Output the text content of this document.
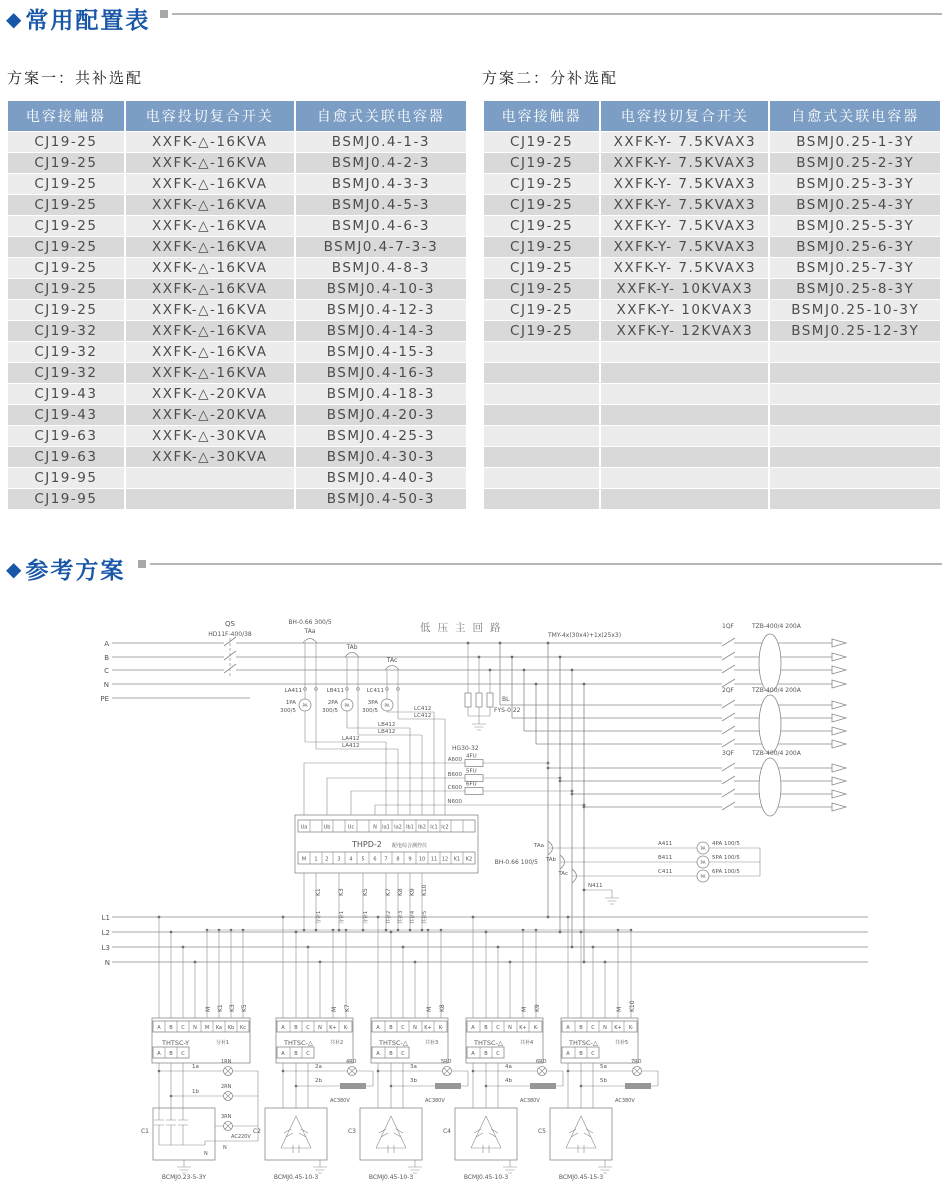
◆ 常用配置表
方案一：共补选配	方案二：分补选配
电容接触器	电容投切复合开关	自愈式关联电容器
CJ19-25	XXFK-△-16KVA	BSMJ0.4-1-3
CJ19-25	XXFK-△-16KVA	BSMJ0.4-2-3
CJ19-25	XXFK-△-16KVA	BSMJ0.4-3-3
CJ19-25	XXFK-△-16KVA	BSMJ0.4-5-3
CJ19-25	XXFK-△-16KVA	BSMJ0.4-6-3
CJ19-25	XXFK-△-16KVA	BSMJ0.4-7-3-3
CJ19-25	XXFK-△-16KVA	BSMJ0.4-8-3
CJ19-25	XXFK-△-16KVA	BSMJ0.4-10-3
CJ19-25	XXFK-△-16KVA	BSMJ0.4-12-3
CJ19-32	XXFK-△-16KVA	BSMJ0.4-14-3
CJ19-32	XXFK-△-16KVA	BSMJ0.4-15-3
CJ19-32	XXFK-△-16KVA	BSMJ0.4-16-3
CJ19-43	XXFK-△-20KVA	BSMJ0.4-18-3
CJ19-43	XXFK-△-20KVA	BSMJ0.4-20-3
CJ19-63	XXFK-△-30KVA	BSMJ0.4-25-3
CJ19-63	XXFK-△-30KVA	BSMJ0.4-30-3
CJ19-95		BSMJ0.4-40-3
CJ19-95		BSMJ0.4-50-3
电容接触器	电容投切复合开关	自愈式关联电容器
CJ19-25	XXFK-Y- 7.5KVAX3	BSMJ0.25-1-3Y
CJ19-25	XXFK-Y- 7.5KVAX3	BSMJ0.25-2-3Y
CJ19-25	XXFK-Y- 7.5KVAX3	BSMJ0.25-3-3Y
CJ19-25	XXFK-Y- 7.5KVAX3	BSMJ0.25-4-3Y
CJ19-25	XXFK-Y- 7.5KVAX3	BSMJ0.25-5-3Y
CJ19-25	XXFK-Y- 7.5KVAX3	BSMJ0.25-6-3Y
CJ19-25	XXFK-Y- 7.5KVAX3	BSMJ0.25-7-3Y
CJ19-25	XXFK-Y- 10KVAX3	BSMJ0.25-8-3Y
CJ19-25	XXFK-Y- 10KVAX3	BSMJ0.25-10-3Y
CJ19-25	XXFK-Y- 12KVAX3	BSMJ0.25-12-3Y

◆ 参考方案
A
B
C
N
PE
QS
HD11F-400/38
BH-0.66 300/5
TAa
TAb
TAc
低压主回路
TMY-4x(30x4)+1x(25x3)
LA411	LB411	LC411
LA412
LA412
LB412
LB412
LC412
LC412
PA	PA	PA
1PA
300/5
2PA
300/5
3PA
300/5
BL
FYS-0.22
HG30-32
A600
B600
C600
N600
4FU
5FU
6FU
1QF	TZB-400/4 200A
2QF	TZB-400/4 200A
3QF	TZB-400/4 200A
TAa
TAb
TAc
BH-0.66 100/5
PA
PA
PA
A411
B411
C411
4PA 100/5
5PA 100/5
6PA 100/5
N411
Ua	Ub	Uc	N Ia1 Ia2 Ib1 Ib2 Ic1 Ic2
THPD-2 配电综合测控仪
M 1 2 3 4 5 6 7 8 9 10 11 12 K1 K2
K1	K3	K5	K7 K8 K9 K10
分补1	分补1	分补1	共补2 共补3 共补4 共补5
L1
L2
L3
N
M K1 K3 K5	M K7	M K8	M K9	M K10
A B C N M Ka Kb Kc
THTSC-Y	分补1
A B C
A B C N K+ K-
THTSC-△	共补2
A B C
A B C N K+ K-
THTSC-△	共补3
A B C
A B C N K+ K-
THTSC-△	共补4
A B C
A B C N K+ K-
THTSC-△	共补5
A B C
1a
1b
1RN
2RN
3RN
AC220V
N
2a
2b
4RD
AC380V
3a
3b
5RD
AC380V
4a
4b
6RD
AC380V
5a
5b
7RD
AC380V
C1
N
BCMJ0.23-5-3Y
C2
BCMJ0.45-10-3
C3
BCMJ0.45-10-3
C4
BCMJ0.45-10-3
C5
BCMJ0.45-15-3
